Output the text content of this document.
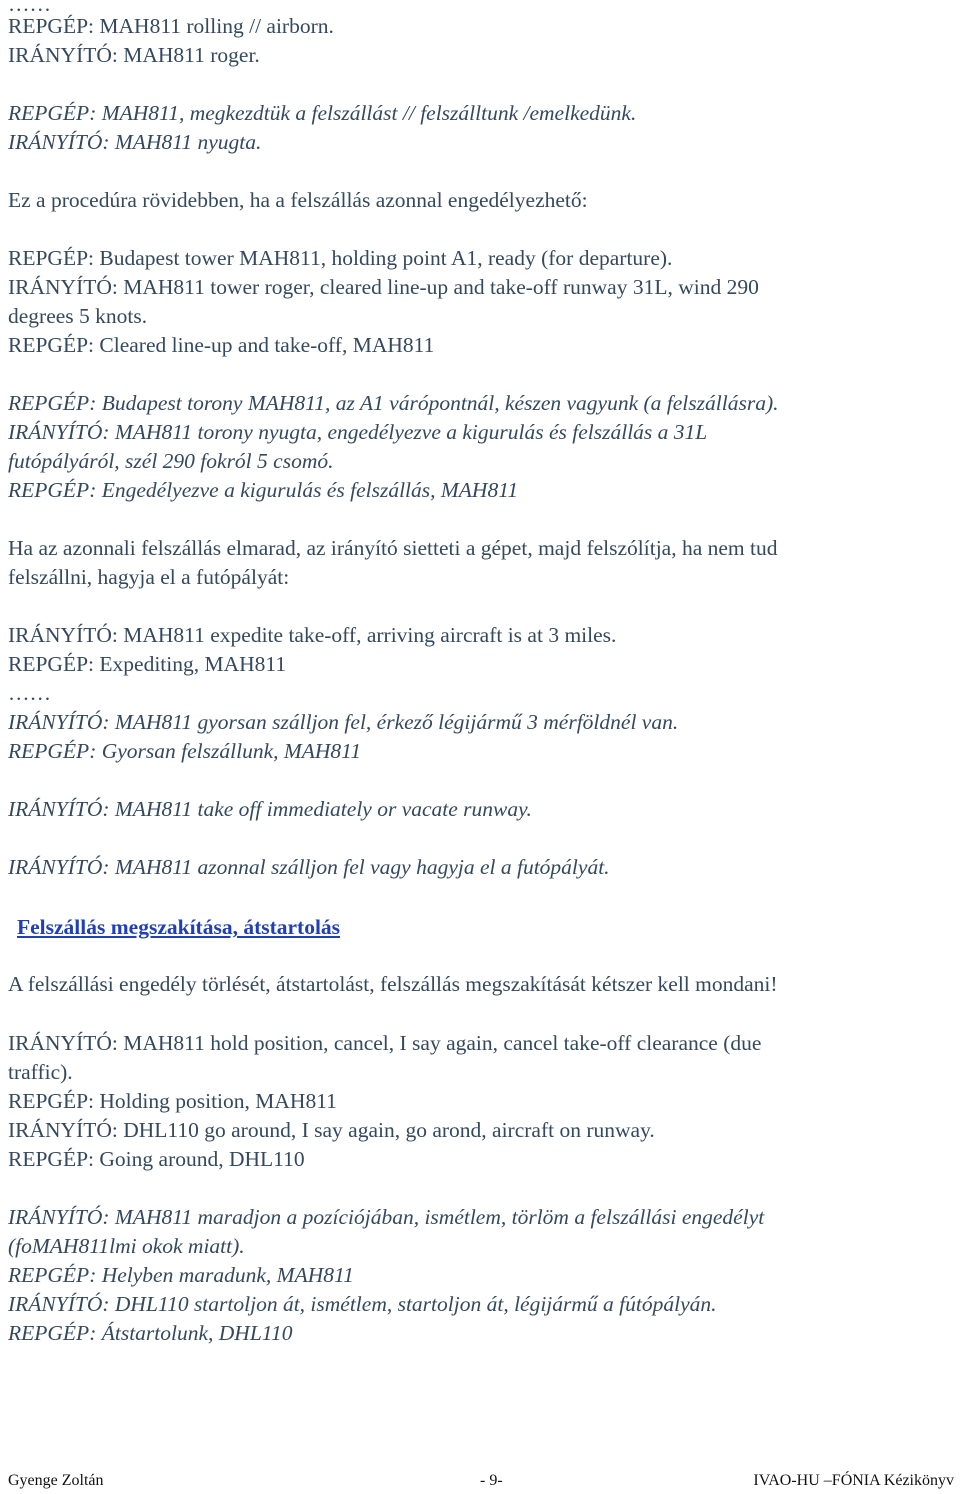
……
REPGÉP: MAH811 rolling // airborn.
IRÁNYÍTÓ: MAH811 roger.
REPGÉP: MAH811, megkezdtük a felszállást // felszálltunk /emelkedünk.
IRÁNYÍTÓ: MAH811 nyugta.
Ez a procedúra rövidebben, ha a felszállás azonnal engedélyezhető:
REPGÉP: Budapest tower MAH811, holding point A1, ready (for departure).
IRÁNYÍTÓ: MAH811 tower roger, cleared line-up and take-off runway 31L, wind 290
degrees 5 knots.
REPGÉP: Cleared line-up and take-off, MAH811
REPGÉP: Budapest torony MAH811, az A1 várópontnál, készen vagyunk (a felszállásra).
IRÁNYÍTÓ: MAH811 torony nyugta, engedélyezve a kigurulás és felszállás a 31L
futópályáról, szél 290 fokról 5 csomó.
REPGÉP: Engedélyezve a kigurulás és felszállás, MAH811
Ha az azonnali felszállás elmarad, az irányító sietteti a gépet, majd felszólítja, ha nem tud
felszállni, hagyja el a futópályát:
IRÁNYÍTÓ: MAH811 expedite take-off, arriving aircraft is at 3 miles.
REPGÉP: Expediting, MAH811
……
IRÁNYÍTÓ: MAH811 gyorsan szálljon fel, érkező légijármű 3 mérföldnél van.
REPGÉP: Gyorsan felszállunk, MAH811
IRÁNYÍTÓ: MAH811 take off immediately or vacate runway.
IRÁNYÍTÓ: MAH811 azonnal szálljon fel vagy hagyja el a futópályát.
A felszállási engedély törlését, átstartolást, felszállás megszakítását kétszer kell mondani!
IRÁNYÍTÓ: MAH811 hold position, cancel, I say again, cancel take-off clearance (due
traffic).
REPGÉP: Holding position, MAH811
IRÁNYÍTÓ: DHL110 go around, I say again, go arond, aircraft on runway.
REPGÉP: Going around, DHL110
IRÁNYÍTÓ: MAH811 maradjon a pozíciójában, ismétlem, törlöm a felszállási engedélyt
(foMAH811lmi okok miatt).
REPGÉP: Helyben maradunk, MAH811
IRÁNYÍTÓ: DHL110 startoljon át, ismétlem, startoljon át, légijármű a fútópályán.
REPGÉP: Átstartolunk, DHL110
Felszállás megszakítása, átstartolás
Gyenge Zoltán	- 9-	IVAO-HU –FÓNIA Kézikönyv
